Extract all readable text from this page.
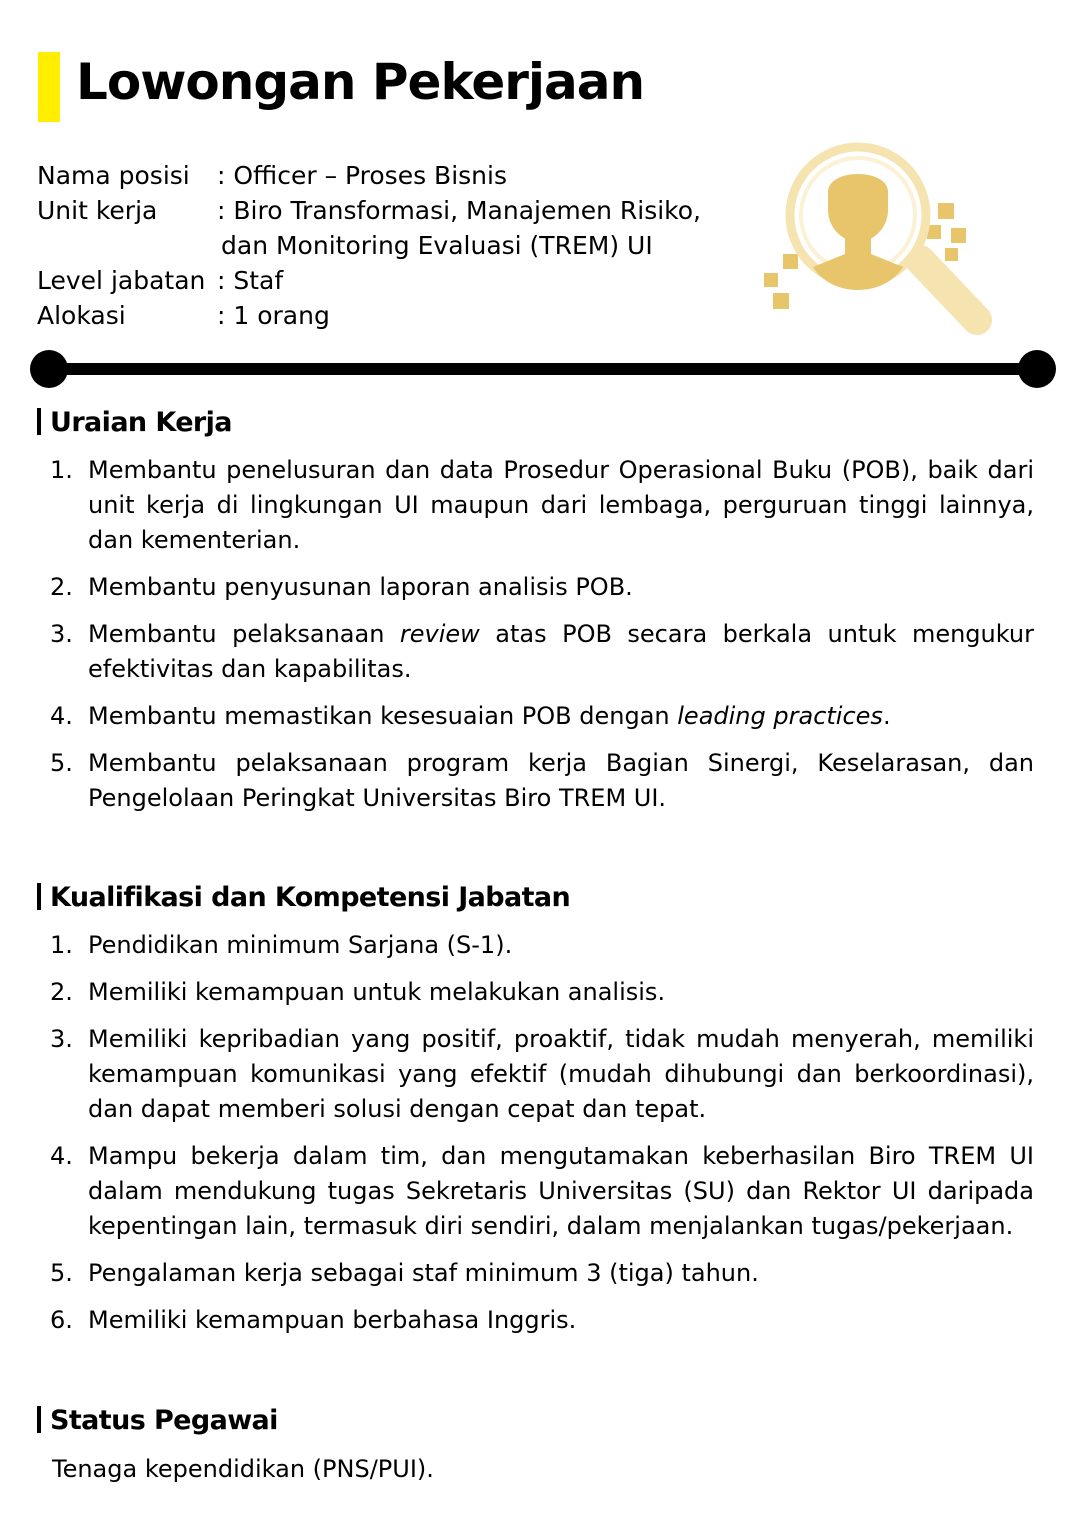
Lowongan Pekerjaan
Nama posisi	: Officer – Proses Bisnis
Unit kerja	: Biro Transformasi, Manajemen Risiko,
dan Monitoring Evaluasi (TREM) UI
Level jabatan : Staf
Alokasi	: 1 orang
Uraian Kerja
1. Membantu penelusuran dan data Prosedur Operasional Buku (POB), baik dari unit kerja di lingkungan UI maupun dari lembaga, perguruan tinggi lainnya, dan kementerian.
2. Membantu penyusunan laporan analisis POB.
3. Membantu pelaksanaan review atas POB secara berkala untuk mengukur efektivitas dan kapabilitas.
4. Membantu memastikan kesesuaian POB dengan leading practices.
5. Membantu pelaksanaan program kerja Bagian Sinergi, Keselarasan, dan Pengelolaan Peringkat Universitas Biro TREM UI.
Kualifikasi dan Kompetensi Jabatan
1. Pendidikan minimum Sarjana (S-1).
2. Memiliki kemampuan untuk melakukan analisis.
3. Memiliki kepribadian yang positif, proaktif, tidak mudah menyerah, memiliki kemampuan komunikasi yang efektif (mudah dihubungi dan berkoordinasi), dan dapat memberi solusi dengan cepat dan tepat.
4. Mampu bekerja dalam tim, dan mengutamakan keberhasilan Biro TREM UI dalam mendukung tugas Sekretaris Universitas (SU) dan Rektor UI daripada kepentingan lain, termasuk diri sendiri, dalam menjalankan tugas/pekerjaan.
5. Pengalaman kerja sebagai staf minimum 3 (tiga) tahun.
6. Memiliki kemampuan berbahasa Inggris.
Status Pegawai

Tenaga kependidikan (PNS/PUI).
